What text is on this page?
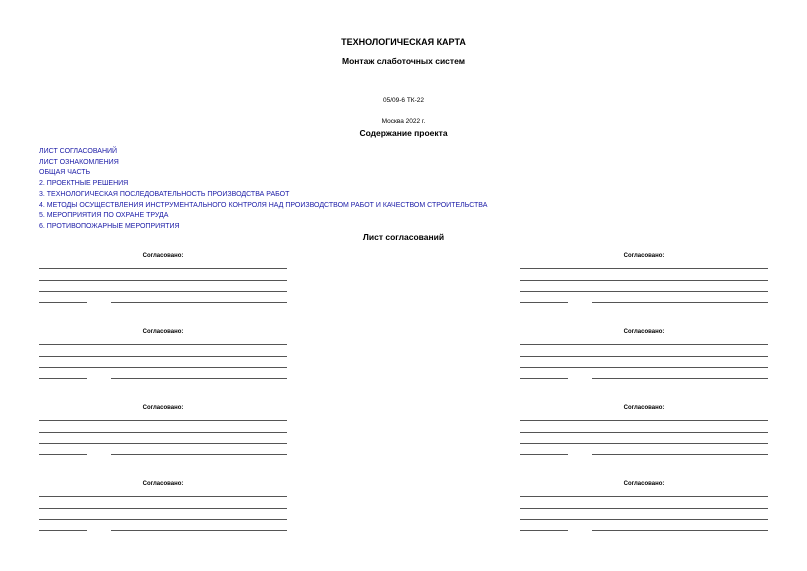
ТЕХНОЛОГИЧЕСКАЯ КАРТА
Монтаж слаботочных систем
05/09-6 ТК-22
Москва 2022 г.
Содержание проекта
ЛИСТ СОГЛАСОВАНИЙ
ЛИСТ ОЗНАКОМЛЕНИЯ
ОБЩАЯ ЧАСТЬ
2. ПРОЕКТНЫЕ РЕШЕНИЯ
3. ТЕХНОЛОГИЧЕСКАЯ ПОСЛЕДОВАТЕЛЬНОСТЬ ПРОИЗВОДСТВА РАБОТ
4. МЕТОДЫ ОСУЩЕСТВЛЕНИЯ ИНСТРУМЕНТАЛЬНОГО КОНТРОЛЯ НАД ПРОИЗВОДСТВОМ РАБОТ И КАЧЕСТВОМ СТРОИТЕЛЬСТВА
5. МЕРОПРИЯТИЯ ПО ОХРАНЕ ТРУДА
6. ПРОТИВОПОЖАРНЫЕ МЕРОПРИЯТИЯ
Лист согласований
Согласовано:
Согласовано:
Согласовано:
Согласовано:
Согласовано:
Согласовано:
Согласовано:
Согласовано:
